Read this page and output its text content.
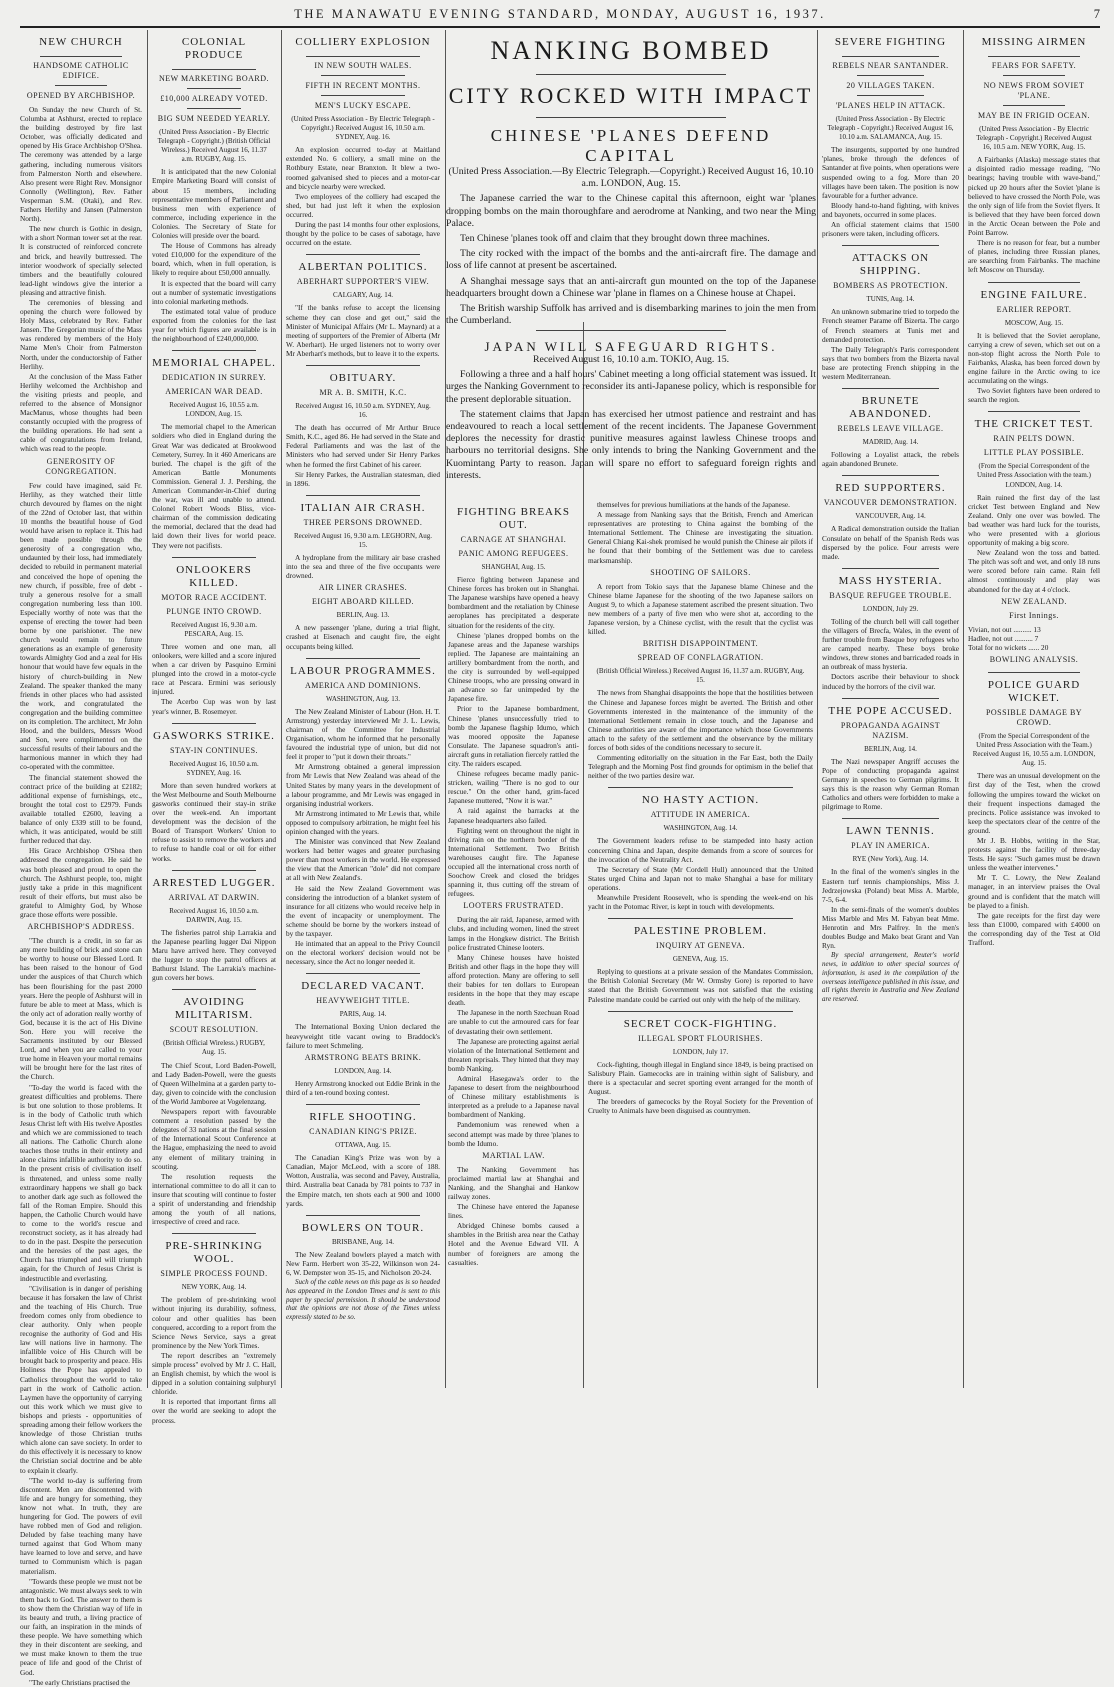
THE MANAWATU EVENING STANDARD, MONDAY, AUGUST 16, 1937.	7
NEW CHURCH
HANDSOME CATHOLIC EDIFICE.
OPENED BY ARCHBISHOP.

On Sunday the new Church of St. Columba at Ashhurst, erected to replace the building destroyed by fire last October, was officially dedicated and opened by His Grace Archbishop O'Shea. The ceremony was attended by a large gathering, including numerous visitors from Palmerston North and elsewhere. Also present were Right Rev. Monsignor Connolly (Wellington), Rev. Father Vesperman S.M. (Otaki), and Rev. Fathers Herlihy and Jansen (Palmerston North).

The new church is Gothic in design, with a short Norman tower set at the rear. It is constructed of reinforced concrete and brick, and heavily buttressed. The interior woodwork of specially selected timbers and the beautifully coloured lead-light windows give the interior a pleasing and attractive finish.

The ceremonies of blessing and opening the church were followed by Holy Mass, celebrated by Rev. Father Jansen. The Gregorian music of the Mass was rendered by members of the Holy Name Men's Choir from Palmerston North, under the conductorship of Father Herlihy.

At the conclusion of the Mass Father Herlihy welcomed the Archbishop and the visiting priests and people, and referred to the absence of Monsignor MacManus, whose thoughts had been constantly occupied with the progress of the building operations. He had sent a cable of congratulations from Ireland, which was read to the people.

GENEROSITY OF CONGREGATION.

Few could have imagined, said Fr. Herlihy, as they watched their little church devoured by flames on the night of the 22nd of October last, that within 10 months the beautiful house of God would have arisen to replace it. This had been made possible through the generosity of a congregation who, undaunted by their loss, had immediately decided to rebuild in permanent material and conceived the hope of opening the new church, if possible, free of debt - truly a generous resolve for a small congregation numbering less than 100. Especially worthy of note was that the expense of erecting the tower had been borne by one parishioner. The new church would remain to future generations as an example of generosity towards Almighty God and a zeal for His honour that would have few equals in the history of church-building in New Zealand. The speaker thanked the many friends in other places who had assisted the work, and congratulated the congregation and the building committee on its completion. The architect, Mr John Hood, and the builders, Messrs Wood and Son, were complimented on the successful results of their labours and the harmonious manner in which they had co-operated with the committee.

The financial statement showed the contract price of the building at £2182; additional expense of furnishings, etc., brought the total cost to £2979. Funds available totalled £2600, leaving a balance of only £339 still to be found, which, it was anticipated, would be still further reduced that day.

His Grace Archbishop O'Shea then addressed the congregation. He said he was both pleased and proud to open the church. The Ashhurst people, too, might justly take a pride in this magnificent result of their efforts, but must also be grateful to Almighty God, by Whose grace those efforts were possible.

ARCHBISHOP'S ADDRESS.

"The church is a credit, in so far as any mere building of brick and stone can be worthy to house our Blessed Lord. It has been raised to the honour of God under the auspices of that Church which has been flourishing for the past 2000 years. Here the people of Ashhurst will in future be able to meet at Mass, which is the only act of adoration really worthy of God, because it is the act of His Divine Son. Here you will receive the Sacraments instituted by our Blessed Lord, and when you are called to your true home in Heaven your mortal remains will be brought here for the last rites of the Church.

"To-day the world is faced with the greatest difficulties and problems. There is but one solution to those problems. It is in the body of Catholic truth which Jesus Christ left with His twelve Apostles and which we are commissioned to teach all nations. The Catholic Church alone teaches those truths in their entirety and alone claims infallible authority to do so. In the present crisis of civilisation itself is threatened, and unless some really extraordinary happens we shall go back to another dark age such as followed the fall of the Roman Empire. Should this happen, the Catholic Church would have to come to the world's rescue and reconstruct society, as it has already had to do in the past. Despite the persecution and the heresies of the past ages, the Church has triumphed and will triumph again, for the Church of Jesus Christ is indestructible and everlasting.

"Civilisation is in danger of perishing because it has forsaken the law of Christ and the teaching of His Church. True freedom comes only from obedience to clear authority. Only when people recognise the authority of God and His law will nations live in harmony. The infallible voice of His Church will be brought back to prosperity and peace. His Holiness the Pope has appealed to Catholics throughout the world to take part in the work of Catholic action. Laymen have the opportunity of carrying out this work which we must give to bishops and priests - opportunities of spreading among their fellow workers the knowledge of those Christian truths which alone can save society. In order to do this effectively it is necessary to know the Christian social doctrine and be able to explain it clearly.

"The world to-day is suffering from discontent. Men are discontented with life and are hungry for something, they know not what. In truth, they are hungering for God. The powers of evil have robbed men of God and religion. Deluded by false teaching many have turned against that God Whom many have learned to love and serve, and have turned to Communism which is pagan materialism.

"Towards these people we must not be antagonistic. We must always seek to win them back to God. The answer to them is to show them the Christian way of life in its beauty and truth, a living practice of our faith, an inspiration in the minds of these people. We have something which they in their discontent are seeking, and we must make known to them the true peace of life and good of the Christ of God.

"The early Christians practised the

COLONIAL PRODUCE
NEW MARKETING BOARD.
£10,000 ALREADY VOTED.
BIG SUM NEEDED YEARLY.
(United Press Association - By Electric Telegraph - Copyright.) (British Official Wireless.) Received August 16, 11.37 a.m. RUGBY, Aug. 15.

It is anticipated that the new Colonial Empire Marketing Board will consist of about 15 members, including representative members of Parliament and business men with experience of commerce, including experience in the Colonies. The Secretary of State for Colonies will preside over the board.

The House of Commons has already voted £10,000 for the expenditure of the board, which, when in full operation, is likely to require about £50,000 annually.

It is expected that the board will carry out a number of systematic investigations into colonial marketing methods.

The estimated total value of produce exported from the colonies for the last year for which figures are available is in the neighbourhood of £240,000,000.

MEMORIAL CHAPEL.
DEDICATION IN SURREY.
AMERICAN WAR DEAD.
Received August 16, 10.55 a.m. LONDON, Aug. 15.

The memorial chapel to the American soldiers who died in England during the Great War was dedicated at Brookwood Cemetery, Surrey. In it 460 Americans are buried. The chapel is the gift of the American Battle Monuments Commission. General J. J. Pershing, the American Commander-in-Chief during the war, was ill and unable to attend. Colonel Robert Woods Bliss, vice-chairman of the commission dedicating the memorial, declared that the dead had laid down their lives for world peace. They were not pacifists.

ONLOOKERS KILLED.
MOTOR RACE ACCIDENT.
PLUNGE INTO CROWD.
Received August 16, 9.30 a.m. PESCARA, Aug. 15.

Three women and one man, all onlookers, were killed and a score injured when a car driven by Pasquino Ermini plunged into the crowd in a motor-cycle race at Pescara. Ermini was seriously injured.

The Acerbo Cup was won by last year's winner, B. Rosemeyer.

GASWORKS STRIKE.
STAY-IN CONTINUES.
Received August 16, 10.50 a.m. SYDNEY, Aug. 16.

More than seven hundred workers at the West Melbourne and South Melbourne gasworks continued their stay-in strike over the week-end. An important development was the decision of the Board of Transport Workers' Union to refuse to assist to remove the workers and to refuse to handle coal or oil for either works.

ARRESTED LUGGER.
ARRIVAL AT DARWIN.
Received August 16, 10.50 a.m. DARWIN, Aug. 15.

The fisheries patrol ship Larrakia and the Japanese pearling lugger Dai Nippon Maru have arrived here. They conveyed the lugger to stop the patrol officers at Bathurst Island. The Larrakia's machine-gun covers her bows.

AVOIDING MILITARISM.
SCOUT RESOLUTION.
(British Official Wireless.) RUGBY, Aug. 15.

The Chief Scout, Lord Baden-Powell, and Lady Baden-Powell, were the guests of Queen Wilhelmina at a garden party to-day, given to coincide with the conclusion of the World Jamboree at Vogelenzang.

Newspapers report with favourable comment a resolution passed by the delegates of 33 nations at the final session of the International Scout Conference at the Hague, emphasizing the need to avoid any element of military training in scouting.

The resolution requests the international committee to do all it can to insure that scouting will continue to foster a spirit of understanding and friendship among the youth of all nations, irrespective of creed and race.

PRE-SHRINKING WOOL.
SIMPLE PROCESS FOUND.
NEW YORK, Aug. 14.

The problem of pre-shrinking wool without injuring its durability, softness, colour and other qualities has been conquered, according to a report from the Science News Service, says a great prominence by the New York Times.

The report describes an "extremely simple process" evolved by Mr J. C. Hall, an English chemist, by which the wool is dipped in a solution containing sulphuryl chloride.

It is reported that important firms all over the world are seeking to adopt the process.

COLLIERY EXPLOSION
IN NEW SOUTH WALES.
FIFTH IN RECENT MONTHS.
MEN'S LUCKY ESCAPE.
(United Press Association - By Electric Telegraph - Copyright.) Received August 16, 10.50 a.m. SYDNEY, Aug. 16.

An explosion occurred to-day at Maitland extended No. 6 colliery, a small mine on the Rothbury Estate, near Branxton. It blew a two-roomed galvanised shed to pieces and a motor-car and bicycle nearby were wrecked.

Two employees of the colliery had escaped the shed, but had just left it when the explosion occurred.

During the past 14 months four other explosions, thought by the police to be cases of sabotage, have occurred on the estate.

ALBERTAN POLITICS.
ABERHART SUPPORTER'S VIEW.
CALGARY, Aug. 14.

"If the banks refuse to accept the licensing scheme they can close and get out," said the Minister of Municipal Affairs (Mr L. Maynard) at a meeting of supporters of the Premier of Alberta (Mr W. Aberhart). He urged listeners not to worry over Mr Aberhart's methods, but to leave it to the experts.

OBITUARY.
MR A. B. SMITH, K.C.
Received August 16, 10.50 a.m. SYDNEY, Aug. 16.

The death has occurred of Mr Arthur Bruce Smith, K.C., aged 86. He had served in the State and Federal Parliaments and was the last of the Ministers who had served under Sir Henry Parkes when he formed the first Cabinet of his career.

Sir Henry Parkes, the Australian statesman, died in 1896.

ITALIAN AIR CRASH.
THREE PERSONS DROWNED.
Received August 16, 9.30 a.m. LEGHORN, Aug. 15.

A hydroplane from the military air base crashed into the sea and three of the five occupants were drowned.

AIR LINER CRASHES.
EIGHT ABOARD KILLED.
BERLIN, Aug. 13.

A new passenger 'plane, during a trial flight, crashed at Eisenach and caught fire, the eight occupants being killed.

LABOUR PROGRAMMES.
AMERICA AND DOMINIONS.
WASHINGTON, Aug. 13.

The New Zealand Minister of Labour (Hon. H. T. Armstrong) yesterday interviewed Mr J. L. Lewis, chairman of the Committee for Industrial Organisation, whom he informed that he personally favoured the industrial type of union, but did not feel it proper to "put it down their throats."

Mr Armstrong obtained a general impression from Mr Lewis that New Zealand was ahead of the United States by many years in the development of a labour programme, and Mr Lewis was engaged in organising industrial workers.

Mr Armstrong intimated to Mr Lewis that, while opposed to compulsory arbitration, he might feel his opinion changed with the years.

The Minister was convinced that New Zealand workers had better wages and greater purchasing power than most workers in the world. He expressed the view that the American "dole" did not compare at all with New Zealand's.

He said the New Zealand Government was considering the introduction of a blanket system of insurance for all citizens who would receive help in the event of incapacity or unemployment. The scheme should be borne by the workers instead of by the taxpayer.

He intimated that an appeal to the Privy Council on the electoral workers' decision would not be necessary, since the Act no longer needed it.

DECLARED VACANT.
HEAVYWEIGHT TITLE.
PARIS, Aug. 14.

The International Boxing Union declared the heavyweight title vacant owing to Braddock's failure to meet Schmeling.

ARMSTRONG BEATS BRINK.
LONDON, Aug. 14.

Henry Armstrong knocked out Eddie Brink in the third of a ten-round boxing contest.

RIFLE SHOOTING.
CANADIAN KING'S PRIZE.
OTTAWA, Aug. 15.

The Canadian King's Prize was won by a Canadian, Major McLeod, with a score of 188. Wotton, Australia, was second and Pavey, Australia, third. Australia beat Canada by 781 points to 737 in the Empire match, ten shots each at 900 and 1000 yards.

BOWLERS ON TOUR.
BRISBANE, Aug. 14.

The New Zealand bowlers played a match with New Farm. Herbert won 35-22, Wilkinson won 24-6, W. Dempster won 35-15, and Nicholson 20-24.

Such of the cable news on this page as is so headed has appeared in the London Times and is sent to this paper by special permission. It should be understood that the opinions are not those of the Times unless expressly stated to be so.

NANKING BOMBED
CITY ROCKED WITH IMPACT
CHINESE 'PLANES DEFEND CAPITAL

(United Press Association.—By Electric Telegraph.—Copyright.) Received August 16, 10.10 a.m. LONDON, Aug. 15.

The Japanese carried the war to the Chinese capital this afternoon, eight war 'planes dropping bombs on the main thoroughfare and aerodrome at Nanking, and two near the Ming Palace.

Ten Chinese 'planes took off and claim that they brought down three machines.

The city rocked with the impact of the bombs and the anti-aircraft fire. The damage and loss of life cannot at present be ascertained.

A Shanghai message says that an anti-aircraft gun mounted on the top of the Japanese headquarters brought down a Chinese war 'plane in flames on a Chinese house at Chapei.

The British warship Suffolk has arrived and is disembarking marines to join the men from the Cumberland.

JAPAN WILL SAFEGUARD RIGHTS.

Received August 16, 10.10 a.m. TOKIO, Aug. 15.

Following a three and a half hours' Cabinet meeting a long official statement was issued. It urges the Nanking Government to reconsider its anti-Japanese policy, which is responsible for the present deplorable situation.

The statement claims that Japan has exercised her utmost patience and restraint and has endeavoured to reach a local settlement of the recent incidents. The Japanese Government deplores the necessity for drastic punitive measures against lawless Chinese troops and harbours no territorial designs. She only intends to bring the Nanking Government and the Kuomintang Party to reason. Japan will spare no effort to safeguard foreign rights and interests.

FIGHTING BREAKS OUT.
CARNAGE AT SHANGHAI.
PANIC AMONG REFUGEES.
SHANGHAI, Aug. 15.

Fierce fighting between Japanese and Chinese forces has broken out in Shanghai. The Japanese warships have opened a heavy bombardment and the retaliation by Chinese aeroplanes has precipitated a desperate situation for the residents of the city.

Chinese 'planes dropped bombs on the Japanese areas and the Japanese warships replied. The Japanese are maintaining an artillery bombardment from the north, and the city is surrounded by well-equipped Chinese troops, who are pressing onward in an advance so far unimpeded by the Japanese fire.

Prior to the Japanese bombardment, Chinese 'planes unsuccessfully tried to bomb the Japanese flagship Idumo, which was moored opposite the Japanese Consulate. The Japanese squadron's anti-aircraft guns in retaliation fiercely rattled the city. The raiders escaped.

Chinese refugees became madly panic-stricken, wailing "There is no god to our rescue." On the other hand, grim-faced Japanese muttered, "Now it is war."

A raid against the barracks at the Japanese headquarters also failed.

Fighting went on throughout the night in driving rain on the northern border of the International Settlement. Two British warehouses caught fire. The Japanese occupied all the international cross north of Soochow Creek and closed the bridges spanning it, thus cutting off the stream of refugees.

LOOTERS FRUSTRATED.

During the air raid, Japanese, armed with clubs, and including women, lined the street lamps in the Hongkew district. The British police frustrated Chinese looters.

Many Chinese houses have hoisted British and other flags in the hope they will afford protection. Many are offering to sell their babies for ten dollars to European residents in the hope that they may escape death.

The Japanese in the north Szechuan Road are unable to cut the armoured cars for fear of devastating their own settlement.

The Japanese are protecting against aerial violation of the International Settlement and threaten reprisals. They hinted that they may bomb Nanking.

Admiral Hasegawa's order to the Japanese to desert from the neighbourhood of Chinese military establishments is interpreted as a prelude to a Japanese naval bombardment of Nanking.

Pandemonium was renewed when a second attempt was made by three 'planes to bomb the Idumo.

MARTIAL LAW.

The Nanking Government has proclaimed martial law at Shanghai and Nanking, and the Shanghai and Hankow railway zones.

The Chinese have entered the Japanese lines.

Abridged Chinese bombs caused a shambles in the British area near the Cathay Hotel and the Avenue Edward VII. A number of foreigners are among the casualties.

themselves for previous humiliations at the hands of the Japanese.

A message from Nanking says that the British, French and American representatives are protesting to China against the bombing of the International Settlement. The Chinese are investigating the situation. General Chiang Kai-shek promised he would punish the Chinese air pilots if he found that their bombing of the Settlement was due to careless marksmanship.

SHOOTING OF SAILORS.

A report from Tokio says that the Japanese blame Chinese and the Chinese blame Japanese for the shooting of the two Japanese sailors on August 9, to which a Japanese statement ascribed the present situation. Two new members of a party of five men who were shot at, according to the Japanese version, by a Chinese cyclist, with the result that the cyclist was killed.

BRITISH DISAPPOINTMENT.
SPREAD OF CONFLAGRATION.
(British Official Wireless.) Received August 16, 11.37 a.m. RUGBY, Aug. 15.

The news from Shanghai disappoints the hope that the hostilities between the Chinese and Japanese forces might be averted. The British and other Governments interested in the maintenance of the immunity of the International Settlement remain in close touch, and the Japanese and Chinese authorities are aware of the importance which those Governments attach to the safety of the settlement and the observance by the military forces of both sides of the conditions necessary to secure it.

Commenting editorially on the situation in the Far East, both the Daily Telegraph and the Morning Post find grounds for optimism in the belief that neither of the two parties desire war.

NO HASTY ACTION.
ATTITUDE IN AMERICA.
WASHINGTON, Aug. 14.

The Government leaders refuse to be stampeded into hasty action concerning China and Japan, despite demands from a score of sources for the invocation of the Neutrality Act.

The Secretary of State (Mr Cordell Hull) announced that the United States urged China and Japan not to make Shanghai a base for military operations.

Meanwhile President Roosevelt, who is spending the week-end on his yacht in the Potomac River, is kept in touch with developments.

PALESTINE PROBLEM.
INQUIRY AT GENEVA.
GENEVA, Aug. 15.

Replying to questions at a private session of the Mandates Commission, the British Colonial Secretary (Mr W. Ormsby Gore) is reported to have stated that the British Government was not satisfied that the existing Palestine mandate could be carried out only with the help of the military.

SECRET COCK-FIGHTING.
ILLEGAL SPORT FLOURISHES.
LONDON, July 17.

Cock-fighting, though illegal in England since 1849, is being practised on Salisbury Plain. Gamecocks are in training within sight of Salisbury, and there is a spectacular and secret sporting event arranged for the month of August.

The breeders of gamecocks by the Royal Society for the Prevention of Cruelty to Animals have been disguised as countrymen.

SEVERE FIGHTING
REBELS NEAR SANTANDER.
20 VILLAGES TAKEN.
'PLANES HELP IN ATTACK.
(United Press Association - By Electric Telegraph - Copyright.) Received August 16, 10.10 a.m. SALAMANCA, Aug. 15.

The insurgents, supported by one hundred 'planes, broke through the defences of Santander at five points, when operations were suspended owing to a fog. More than 20 villages have been taken. The position is now favourable for a further advance.

Bloody hand-to-hand fighting, with knives and bayonets, occurred in some places.

An official statement claims that 1500 prisoners were taken, including officers.

ATTACKS ON SHIPPING.
BOMBERS AS PROTECTION.
TUNIS, Aug. 14.

An unknown submarine tried to torpedo the French steamer Parame off Bizerta. The cargo of French steamers at Tunis met and demanded protection.

The Daily Telegraph's Paris correspondent says that two bombers from the Bizerta naval base are protecting French shipping in the western Mediterranean.

BRUNETE ABANDONED.
REBELS LEAVE VILLAGE.
MADRID, Aug. 14.

Following a Loyalist attack, the rebels again abandoned Brunete.

RED SUPPORTERS.
VANCOUVER DEMONSTRATION.
VANCOUVER, Aug. 14.

A Radical demonstration outside the Italian Consulate on behalf of the Spanish Reds was dispersed by the police. Four arrests were made.

MASS HYSTERIA.
BASQUE REFUGEE TROUBLE.
LONDON, July 29.

Tolling of the church bell will call together the villagers of Brecfa, Wales, in the event of further trouble from Basque boy refugees who are camped nearby. These boys broke windows, threw stones and barricaded roads in an outbreak of mass hysteria.

Doctors ascribe their behaviour to shock induced by the horrors of the civil war.

THE POPE ACCUSED.
PROPAGANDA AGAINST NAZISM.
BERLIN, Aug. 14.

The Nazi newspaper Angriff accuses the Pope of conducting propaganda against Germany in speeches to German pilgrims. It says this is the reason why German Roman Catholics and others were forbidden to make a pilgrimage to Rome.

LAWN TENNIS.
PLAY IN AMERICA.
RYE (New York), Aug. 14.

In the final of the women's singles in the Eastern turf tennis championships, Miss J. Jedrzejowska (Poland) beat Miss A. Marble, 7-5, 6-4.

In the semi-finals of the women's doubles Miss Marble and Mrs M. Fabyan beat Mme. Henrotin and Mrs Palfrey. In the men's doubles Budge and Mako beat Grant and Van Ryn.

By special arrangement, Reuter's world news, in addition to other special sources of information, is used in the compilation of the overseas intelligence published in this issue, and all rights therein in Australia and New Zealand are reserved.

MISSING AIRMEN
FEARS FOR SAFETY.
NO NEWS FROM SOVIET 'PLANE.
MAY BE IN FRIGID OCEAN.
(United Press Association - By Electric Telegraph - Copyright.) Received August 16, 10.5 a.m. NEW YORK, Aug. 15.

A Fairbanks (Alaska) message states that a disjointed radio message reading, "No bearings; having trouble with wave-band," picked up 20 hours after the Soviet 'plane is believed to have crossed the North Pole, was the only sign of life from the Soviet flyers. It is believed that they have been forced down in the Arctic Ocean between the Pole and Point Barrow.

There is no reason for fear, but a number of planes, including three Russian planes, are searching from Fairbanks. The machine left Moscow on Thursday.

ENGINE FAILURE.
EARLIER REPORT.
MOSCOW, Aug. 15.

It is believed that the Soviet aeroplane, carrying a crew of seven, which set out on a non-stop flight across the North Pole to Fairbanks, Alaska, has been forced down by engine failure in the Arctic owing to ice accumulating on the wings.

Two Soviet fighters have been ordered to search the region.

THE CRICKET TEST.
RAIN PELTS DOWN.
LITTLE PLAY POSSIBLE.
(From the Special Correspondent of the United Press Association with the team.) LONDON, Aug. 14.

Rain ruined the first day of the last cricket Test between England and New Zealand. Only one over was bowled. The bad weather was hard luck for the tourists, who were presented with a glorious opportunity of making a big score.

New Zealand won the toss and batted. The pitch was soft and wet, and only 18 runs were scored before rain came. Rain fell almost continuously and play was abandoned for the day at 4 o'clock.

NEW ZEALAND.
First Innings.
Vivian, not out .......... 13
Hadlee, not out .......... 7
Total for no wickets ...... 20
BOWLING ANALYSIS.
POLICE GUARD WICKET.
POSSIBLE DAMAGE BY CROWD.
(From the Special Correspondent of the United Press Association with the Team.) Received August 16, 10.55 a.m. LONDON, Aug. 15.

There was an unusual development on the first day of the Test, when the crowd following the umpires toward the wicket on their frequent inspections damaged the precincts. Police assistance was invoked to keep the spectators clear of the centre of the ground.

Mr J. B. Hobbs, writing in the Star, protests against the facility of three-day Tests. He says: "Such games must be drawn unless the weather intervenes."

Mr T. C. Lowry, the New Zealand manager, in an interview praises the Oval ground and is confident that the match will be played to a finish.

The gate receipts for the first day were less than £1000, compared with £4000 on the corresponding day of the Test at Old Trafford.
